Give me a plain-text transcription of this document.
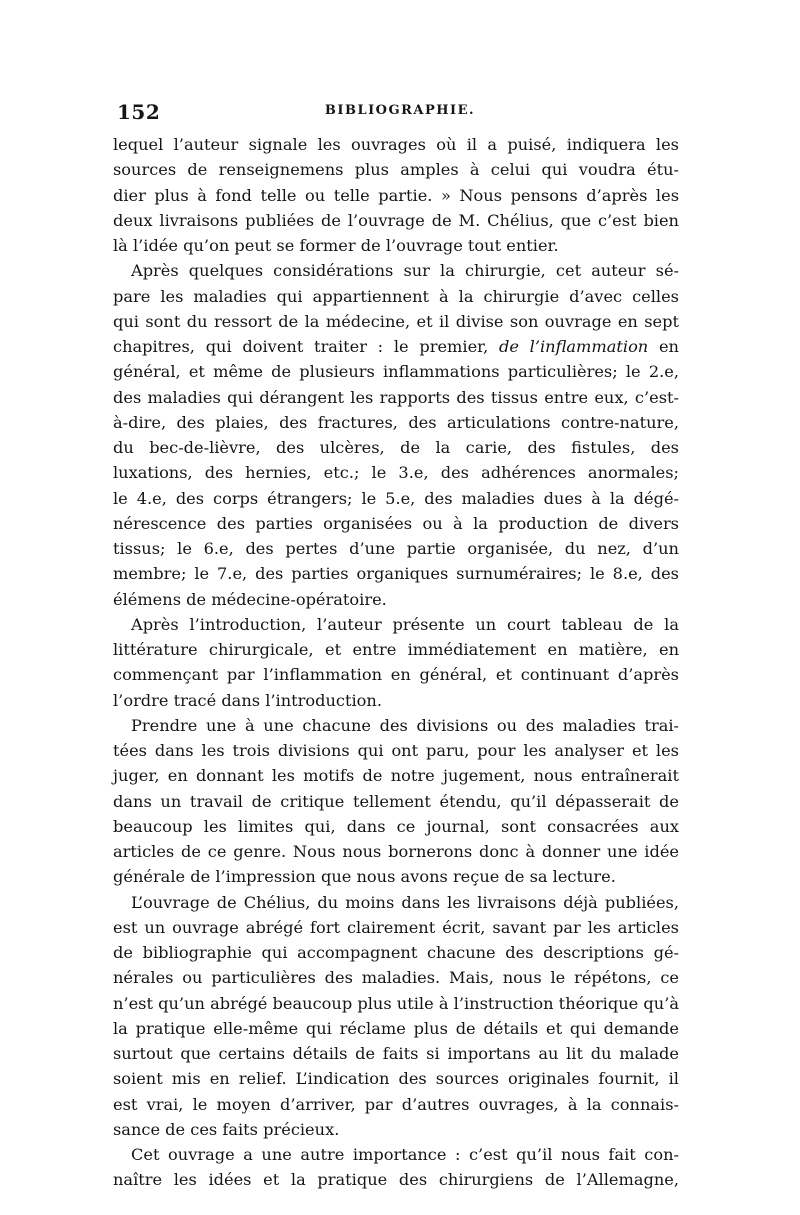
152	BIBLIOGRAPHIE.
lequel l’auteur signale les ouvrages où il a puisé, indiquera les
sources de renseignemens plus amples à celui qui voudra étu-
dier plus à fond telle ou telle partie. » Nous pensons d’après les
deux livraisons publiées de l’ouvrage de M. Chélius, que c’est bien
là l’idée qu’on peut se former de l’ouvrage tout entier.
Après quelques considérations sur la chirurgie, cet auteur sé-
pare les maladies qui appartiennent à la chirurgie d’avec celles
qui sont du ressort de la médecine, et il divise son ouvrage en sept
chapitres, qui doivent traiter : le premier, de l’inflammation en
général, et même de plusieurs inflammations particulières; le 2.e,
des maladies qui dérangent les rapports des tissus entre eux, c’est-
à-dire, des plaies, des fractures, des articulations contre-nature,
du bec-de-lièvre, des ulcères, de la carie, des fistules, des
luxations, des hernies, etc.; le 3.e, des adhérences anormales;
le 4.e, des corps étrangers; le 5.e, des maladies dues à la dégé-
nérescence des parties organisées ou à la production de divers
tissus; le 6.e, des pertes d’une partie organisée, du nez, d’un
membre; le 7.e, des parties organiques surnuméraires; le 8.e, des
élémens de médecine-opératoire.
Après l’introduction, l’auteur présente un court tableau de la
littérature chirurgicale, et entre immédiatement en matière, en
commençant par l’inflammation en général, et continuant d’après
l’ordre tracé dans l’introduction.
Prendre une à une chacune des divisions ou des maladies trai-
tées dans les trois divisions qui ont paru, pour les analyser et les
juger, en donnant les motifs de notre jugement, nous entraînerait
dans un travail de critique tellement étendu, qu’il dépasserait de
beaucoup les limites qui, dans ce journal, sont consacrées aux
articles de ce genre. Nous nous bornerons donc à donner une idée
générale de l’impression que nous avons reçue de sa lecture.
L’ouvrage de Chélius, du moins dans les livraisons déjà publiées,
est un ouvrage abrégé fort clairement écrit, savant par les articles
de bibliographie qui accompagnent chacune des descriptions gé-
nérales ou particulières des maladies. Mais, nous le répétons, ce
n’est qu’un abrégé beaucoup plus utile à l’instruction théorique qu’à
la pratique elle-même qui réclame plus de détails et qui demande
surtout que certains détails de faits si importans au lit du malade
soient mis en relief. L’indication des sources originales fournit, il
est vrai, le moyen d’arriver, par d’autres ouvrages, à la connais-
sance de ces faits précieux.
Cet ouvrage a une autre importance : c’est qu’il nous fait con-
naître les idées et la pratique des chirurgiens de l’Allemagne,
